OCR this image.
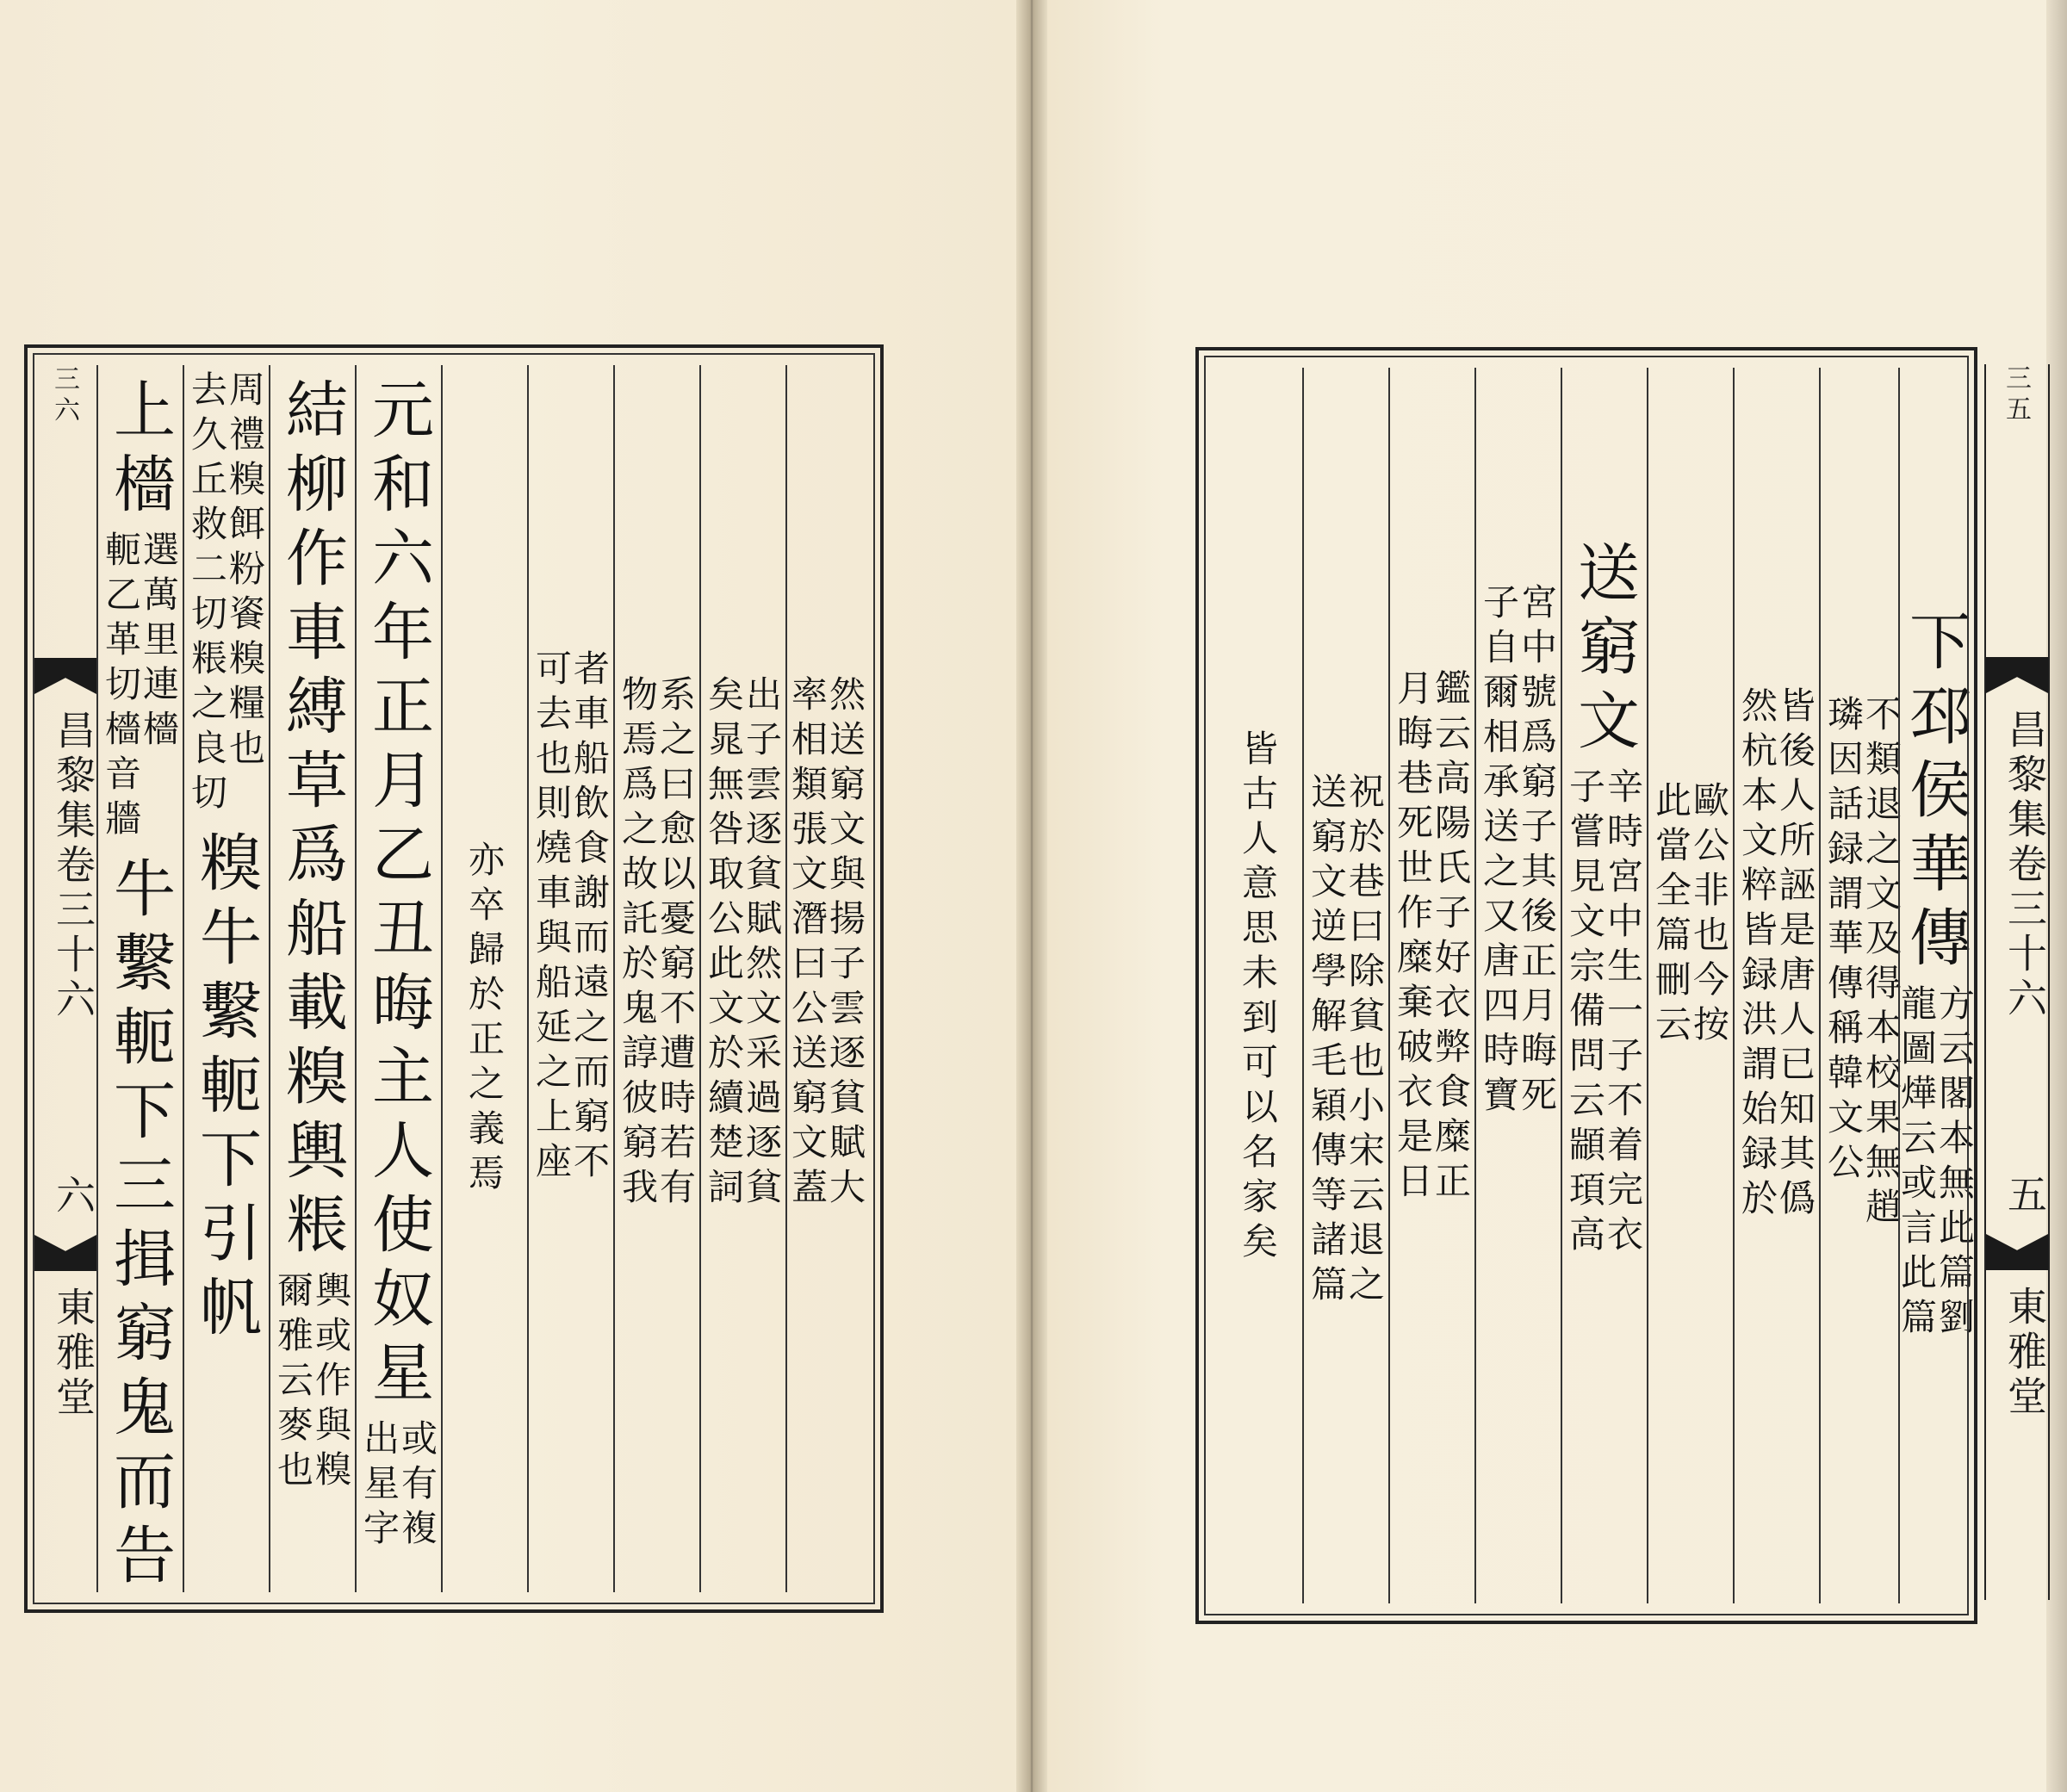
三六
昌黎集卷三十六
六
東雅堂
上檣
選萬里連檣
軛乙革切檣音牆
牛繫軛下三揖窮鬼而告
周禮糗餌粉餈糗糧也
去久丘救二切粻之良切
糗牛繫軛下引帆 結柳作車縛草爲船載糗輿粻
輿或作與糗
爾雅云麥也 元和六年正月乙丑晦主人使奴星
或有複
出星字

亦卒歸於正之義焉 者車船飲食謝而遠之而窮不
可去也則燒車與船延之上座 系之曰愈以憂窮不遭時若有
物焉爲之故託於鬼諄彼窮我 出子雲逐貧賦然文采過逐貧
矣晁無咎取公此文於續楚詞 然送窮文與揚子雲逐貧賦大
率相類張文潛曰公送窮文蓋	皆古人意思未到可以名家矣 祝於巷曰除貧也小宋云退之
送窮文逆學解毛穎傳等諸篇 鑑云高陽氏子好衣弊食糜正
月晦巷死世作糜棄破衣是日 宮中號爲窮子其後正月晦死
子自爾相承送之又唐四時寶 送窮文
辛時宮中生一子不着完衣
子嘗見文宗備問云顓頊高 歐公非也今按
此當全篇刪云 皆後人所誣是唐人已知其僞
然杭本文粹皆録洪謂始録於 不類退之文及得本校果無趙
璘因話録謂華傳稱韓文公 下邳侯華傳
方云閣本無此篇劉
龍圖燁云或言此篇
三五
昌黎集卷三十六
五
東雅堂
